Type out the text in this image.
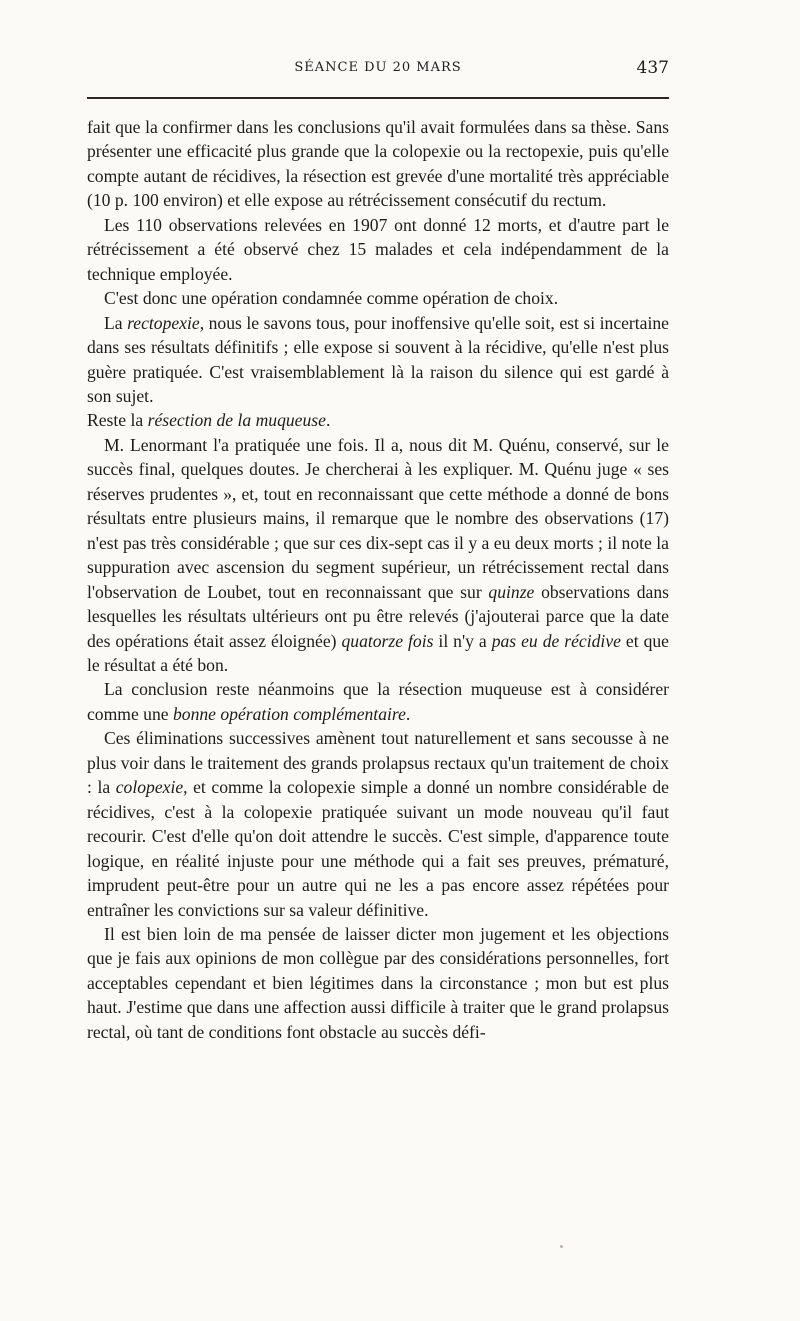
SÉANCE DU 20 MARS	437

fait que la confirmer dans les conclusions qu'il avait formulées dans sa thèse. Sans présenter une efficacité plus grande que la colopexie ou la rectopexie, puis qu'elle compte autant de récidives, la résection est grevée d'une mortalité très appréciable (10 p. 100 environ) et elle expose au rétrécissement consécutif du rectum.

Les 110 observations relevées en 1907 ont donné 12 morts, et d'autre part le rétrécissement a été observé chez 15 malades et cela indépendamment de la technique employée.

C'est donc une opération condamnée comme opération de choix.

La rectopexie, nous le savons tous, pour inoffensive qu'elle soit, est si incertaine dans ses résultats définitifs ; elle expose si souvent à la récidive, qu'elle n'est plus guère pratiquée. C'est vraisemblablement là la raison du silence qui est gardé à son sujet.

Reste la résection de la muqueuse.

M. Lenormant l'a pratiquée une fois. Il a, nous dit M. Quénu, conservé, sur le succès final, quelques doutes. Je chercherai à les expliquer. M. Quénu juge « ses réserves prudentes », et, tout en reconnaissant que cette méthode a donné de bons résultats entre plusieurs mains, il remarque que le nombre des observations (17) n'est pas très considérable ; que sur ces dix-sept cas il y a eu deux morts ; il note la suppuration avec ascension du segment supérieur, un rétrécissement rectal dans l'observation de Loubet, tout en reconnaissant que sur quinze observations dans lesquelles les résultats ultérieurs ont pu être relevés (j'ajouterai parce que la date des opérations était assez éloignée) quatorze fois il n'y a pas eu de récidive et que le résultat a été bon.

La conclusion reste néanmoins que la résection muqueuse est à considérer comme une bonne opération complémentaire.

Ces éliminations successives amènent tout naturellement et sans secousse à ne plus voir dans le traitement des grands prolapsus rectaux qu'un traitement de choix : la colopexie, et comme la colopexie simple a donné un nombre considérable de récidives, c'est à la colopexie pratiquée suivant un mode nouveau qu'il faut recourir. C'est d'elle qu'on doit attendre le succès. C'est simple, d'apparence toute logique, en réalité injuste pour une méthode qui a fait ses preuves, prématuré, imprudent peut-être pour un autre qui ne les a pas encore assez répétées pour entraîner les convictions sur sa valeur définitive.

Il est bien loin de ma pensée de laisser dicter mon jugement et les objections que je fais aux opinions de mon collègue par des considérations personnelles, fort acceptables cependant et bien légitimes dans la circonstance ; mon but est plus haut. J'estime que dans une affection aussi difficile à traiter que le grand prolapsus rectal, où tant de conditions font obstacle au succès défi-
